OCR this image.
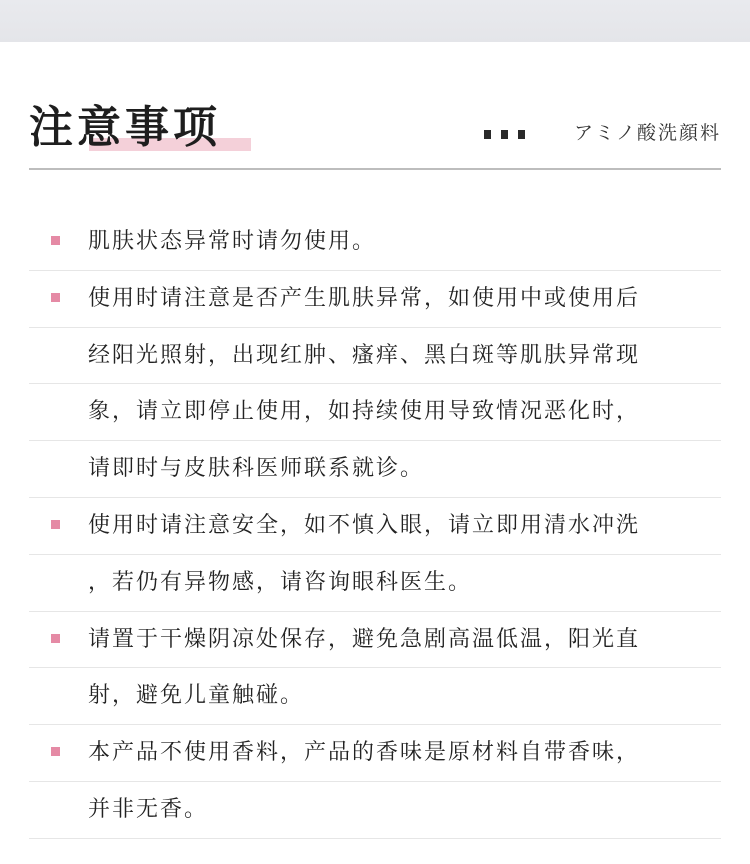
注意事项	アミノ酸洗顔料
肌肤状态异常时请勿使用。
使用时请注意是否产生肌肤异常，如使用中或使用后
经阳光照射，出现红肿、瘙痒、黑白斑等肌肤异常现
象，请立即停止使用，如持续使用导致情况恶化时，
请即时与皮肤科医师联系就诊。
使用时请注意安全，如不慎入眼，请立即用清水冲洗
，若仍有异物感，请咨询眼科医生。
请置于干燥阴凉处保存，避免急剧高温低温，阳光直
射，避免儿童触碰。
本产品不使用香料，产品的香味是原材料自带香味，
并非无香。
